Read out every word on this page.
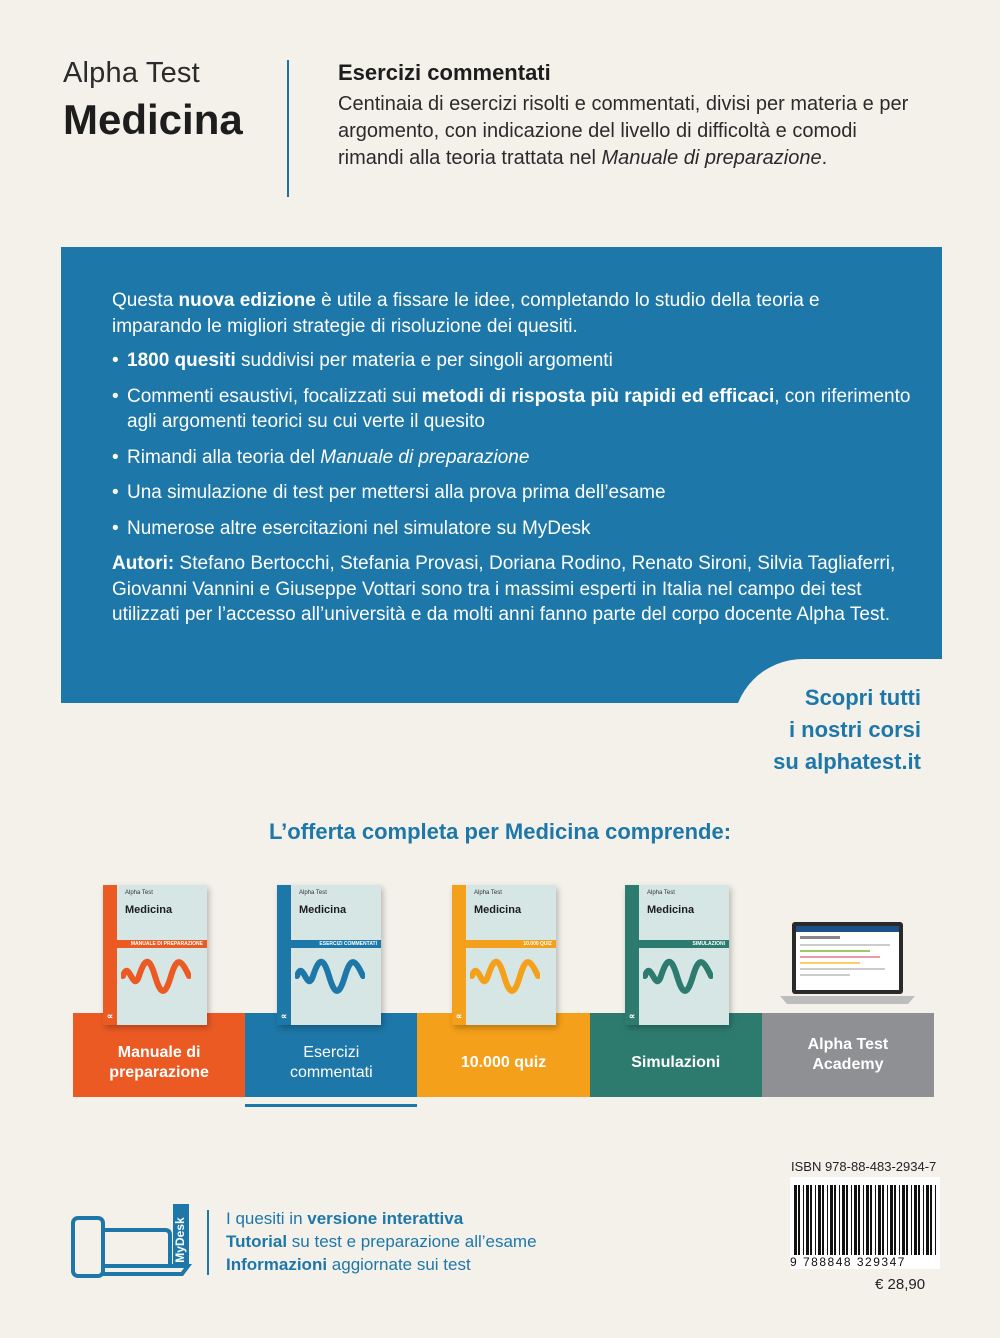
Alpha Test
Medicina
Esercizi commentati
Centinaia di esercizi risolti e commentati, divisi per materia e per argomento, con indicazione del livello di difficoltà e comodi rimandi alla teoria trattata nel Manuale di preparazione.

Questa nuova edizione è utile a fissare le idee, completando lo studio della teoria e imparando le migliori strategie di risoluzione dei quesiti.

• 1800 quesiti suddivisi per materia e per singoli argomenti
• Commenti esaustivi, focalizzati sui metodi di risposta più rapidi ed efficaci, con riferimento agli argomenti teorici su cui verte il quesito
• Rimandi alla teoria del Manuale di preparazione
• Una simulazione di test per mettersi alla prova prima dell’esame
• Numerose altre esercitazioni nel simulatore su MyDesk

Autori: Stefano Bertocchi, Stefania Provasi, Doriana Rodino, Renato Sironi, Silvia Tagliaferri, Giovanni Vannini e Giuseppe Vottari sono tra i massimi esperti in Italia nel campo dei test utilizzati per l’accesso all’università e da molti anni fanno parte del corpo docente Alpha Test.

Scopri tutti
i nostri corsi
su alphatest.it
L’offerta completa per Medicina comprende:
Manuale di preparazione
Esercizi commentati
10.000 quiz	Simulazioni
Alpha Test Academy
Alpha Test
Medicina
MANUALE DI PREPARAZIONE
∝
Alpha Test
Medicina
ESERCIZI COMMENTATI
∝
Alpha Test
Medicina
10.000 QUIZ
∝
Alpha Test
Medicina
SIMULAZIONI
∝
MyDesk I quesiti in versione interattiva
Tutorial su test e preparazione all’esame
Informazioni aggiornate sui test
ISBN 978-88-483-2934-7
9 788848 329347
€ 28,90
